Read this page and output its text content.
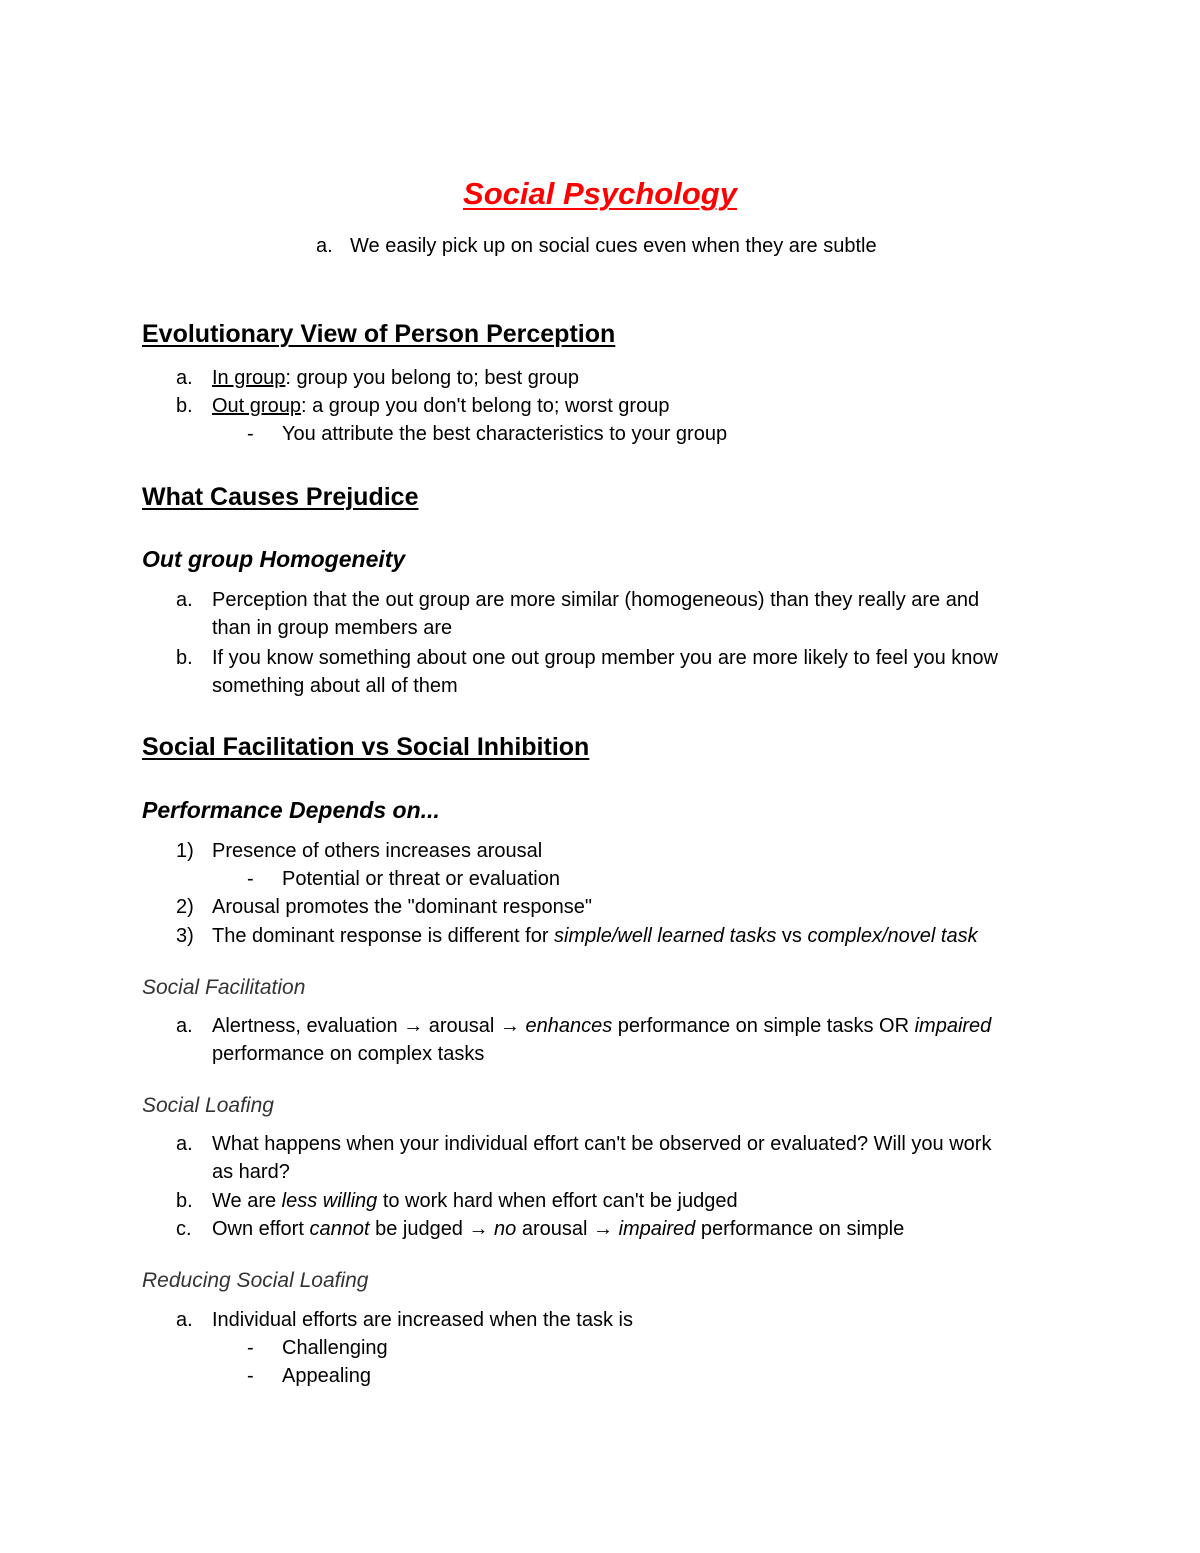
Social Psychology
a. We easily pick up on social cues even when they are subtle
Evolutionary View of Person Perception
a. In group: group you belong to; best group
b. Out group: a group you don't belong to; worst group
- You attribute the best characteristics to your group
What Causes Prejudice
Out group Homogeneity
a. Perception that the out group are more similar (homogeneous) than they really are and
than in group members are
b. If you know something about one out group member you are more likely to feel you know
something about all of them
Social Facilitation vs Social Inhibition
Performance Depends on...
1) Presence of others increases arousal
- Potential or threat or evaluation
2) Arousal promotes the "dominant response"
3) The dominant response is different for simple/well learned tasks vs complex/novel task
Social Facilitation
a. Alertness, evaluation → arousal → enhances performance on simple tasks OR impaired
performance on complex tasks
Social Loafing
a. What happens when your individual effort can't be observed or evaluated? Will you work
as hard?
b. We are less willing to work hard when effort can't be judged
c. Own effort cannot be judged → no arousal → impaired performance on simple
Reducing Social Loafing
a. Individual efforts are increased when the task is
- Challenging
- Appealing
